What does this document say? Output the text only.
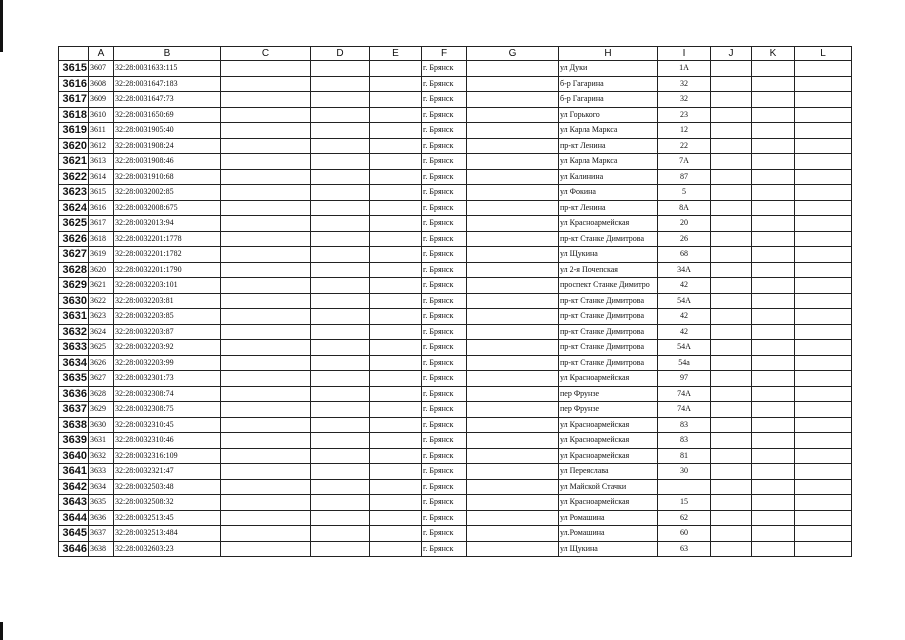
	A	B	C	D	E	F	G	H	I	J	K	L
3615	3607	32:28:0031633:115				г. Брянск		ул Дуки	1А			
3616	3608	32:28:0031647:183				г. Брянск		б-р Гагарина	32			
3617	3609	32:28:0031647:73				г. Брянск		б-р Гагарина	32			
3618	3610	32:28:0031650:69				г. Брянск		ул Горького	23			
3619	3611	32:28:0031905:40				г. Брянск		ул Карла Маркса	12			
3620	3612	32:28:0031908:24				г. Брянск		пр-кт Ленина	22			
3621	3613	32:28:0031908:46				г. Брянск		ул Карла Маркса	7А			
3622	3614	32:28:0031910:68				г. Брянск		ул Калинина	87			
3623	3615	32:28:0032002:85				г. Брянск		ул Фокина	5			
3624	3616	32:28:0032008:675				г. Брянск		пр-кт Ленина	8А			
3625	3617	32:28:0032013:94				г. Брянск		ул Красноармейская	20			
3626	3618	32:28:0032201:1778				г. Брянск		пр-кт Станке Димитрова	26			
3627	3619	32:28:0032201:1782				г. Брянск		ул Щукина	68			
3628	3620	32:28:0032201:1790				г. Брянск		ул 2-я Почепская	34А			
3629	3621	32:28:0032203:101				г. Брянск		проспект Станке Димитро	42			
3630	3622	32:28:0032203:81				г. Брянск		пр-кт Станке Димитрова	54А			
3631	3623	32:28:0032203:85				г. Брянск		пр-кт Станке Димитрова	42			
3632	3624	32:28:0032203:87				г. Брянск		пр-кт Станке Димитрова	42			
3633	3625	32:28:0032203:92				г. Брянск		пр-кт Станке Димитрова	54А			
3634	3626	32:28:0032203:99				г. Брянск		пр-кт Станке Димитрова	54а			
3635	3627	32:28:0032301:73				г. Брянск		ул Красноармейская	97			
3636	3628	32:28:0032308:74				г. Брянск		пер Фрунзе	74А			
3637	3629	32:28:0032308:75				г. Брянск		пер Фрунзе	74А			
3638	3630	32:28:0032310:45				г. Брянск		ул Красноармейская	83			
3639	3631	32:28:0032310:46				г. Брянск		ул Красноармейская	83			
3640	3632	32:28:0032316:109				г. Брянск		ул Красноармейская	81			
3641	3633	32:28:0032321:47				г. Брянск		ул Переяслава	30			
3642	3634	32:28:0032503:48				г. Брянск		ул Майской Стачки				
3643	3635	32:28:0032508:32				г. Брянск		ул Красноармейская	15			
3644	3636	32:28:0032513:45				г. Брянск		ул Ромашина	62			
3645	3637	32:28:0032513:484				г. Брянск		ул.Ромашина	60			
3646	3638	32:28:0032603:23				г. Брянск		ул Щукина	63			
